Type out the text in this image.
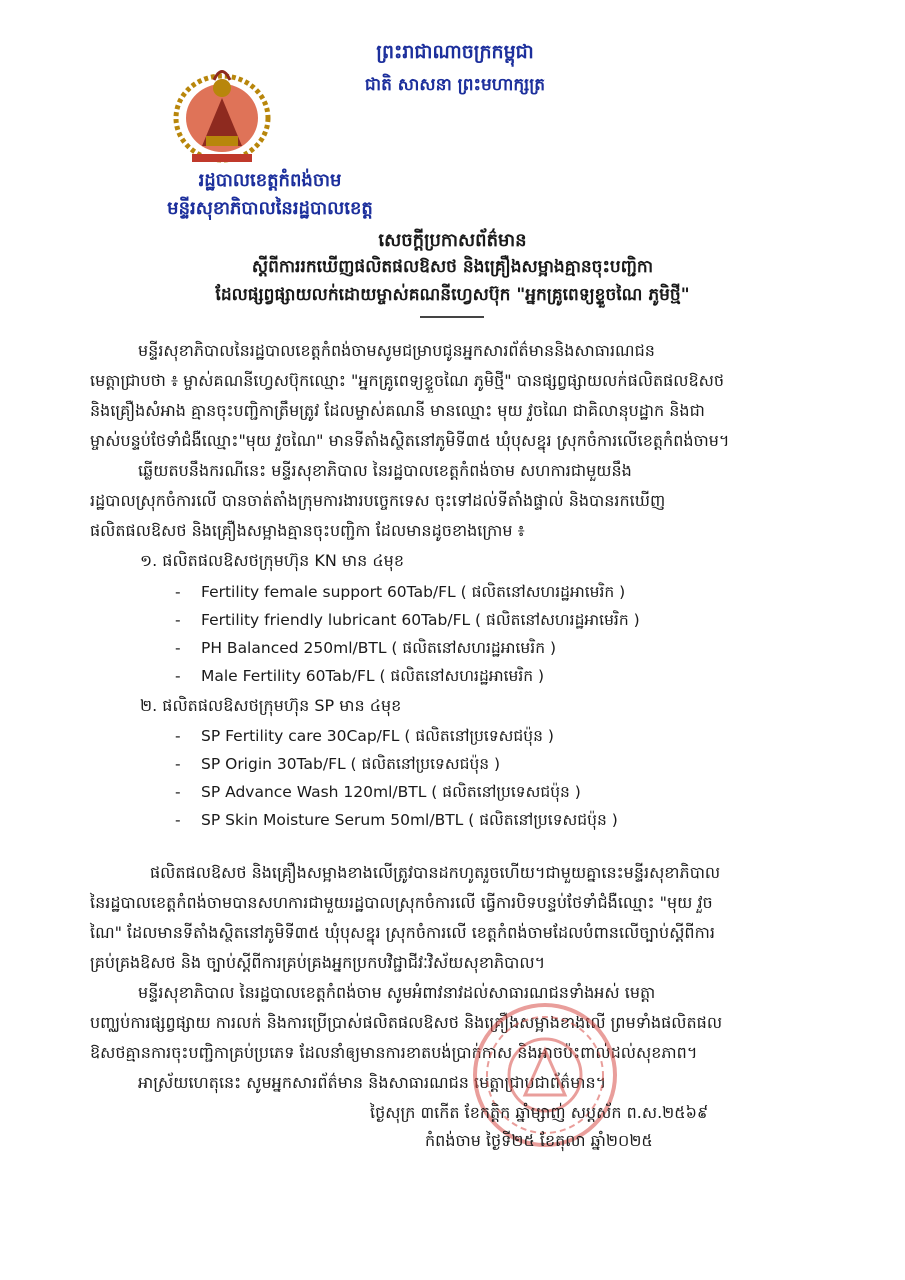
ព្រះរាជាណាចក្រកម្ពុជា
ជាតិ សាសនា ព្រះមហាក្សត្រ
រដ្ឋបាលខេត្តកំពង់ចាម
មន្ទីរសុខាភិបាលនៃរដ្ឋបាលខេត្ត
សេចក្ដីប្រកាសព័ត៌មាន
ស្ដីពីការរកឃើញផលិតផលឱសថ និងគ្រឿងសម្អាងគ្មានចុះបញ្ជិកា
ដែលផ្សព្វផ្សាយលក់ដោយម្ចាស់គណនីហ្វេសប៊ុក "អ្នកគ្រូពេទ្យខ្ទួចណៃ ភូមិថ្មី"
មន្ទីរសុខាភិបាលនៃរដ្ឋបាលខេត្តកំពង់ចាមសូមជម្រាបជូនអ្នកសារព័ត៌មាននិងសាធារណជន
មេត្តាជ្រាបថា ៖ ម្ចាស់គណនីហ្វេសប៊ុកឈ្មោះ "អ្នកគ្រូពេទ្យខ្ទួចណៃ ភូមិថ្មី" បានផ្សព្វផ្សាយលក់ផលិតផលឱសថ
និងគ្រឿងសំអាង គ្មានចុះបញ្ជិកាត្រឹមត្រូវ ដែលម្ចាស់គណនី មានឈ្មោះ មុយ វួចណៃ ជាគិលានុបដ្ឋាក និងជា
ម្ចាស់បន្ទប់ថែទាំជំងឺឈ្មោះ"មុយ វួចណៃ" មានទីតាំងស្ថិតនៅភូមិទី៣៥ ឃុំបុសខ្នុរ ស្រុកចំការលើខេត្តកំពង់ចាម។
ឆ្លើយតបនឹងករណីនេះ មន្ទីរសុខាភិបាល នៃរដ្ឋបាលខេត្តកំពង់ចាម សហការជាមួយនឹង
រដ្ឋបាលស្រុកចំការលើ បានចាត់តាំងក្រុមការងារបច្ចេកទេស ចុះទៅដល់ទីតាំងផ្ទាល់ និងបានរកឃើញ
ផលិតផលឱសថ និងគ្រឿងសម្អាងគ្មានចុះបញ្ជិកា ដែលមានដូចខាងក្រោម ៖
១. ផលិតផលឱសថក្រុមហ៊ុន KN មាន ៤មុខ
- Fertility female support 60Tab/FL ( ផលិតនៅសហរដ្ឋអាមេរិក )
- Fertility friendly lubricant 60Tab/FL ( ផលិតនៅសហរដ្ឋអាមេរិក )
- PH Balanced 250ml/BTL ( ផលិតនៅសហរដ្ឋអាមេរិក )
- Male Fertility 60Tab/FL ( ផលិតនៅសហរដ្ឋអាមេរិក )
២. ផលិតផលឱសថក្រុមហ៊ុន SP មាន ៤មុខ
- SP Fertility care 30Cap/FL ( ផលិតនៅប្រទេសជប៉ុន )
- SP Origin 30Tab/FL ( ផលិតនៅប្រទេសជប៉ុន )
- SP Advance Wash 120ml/BTL ( ផលិតនៅប្រទេសជប៉ុន )
- SP Skin Moisture Serum 50ml/BTL ( ផលិតនៅប្រទេសជប៉ុន )
ផលិតផលឱសថ និងគ្រឿងសម្អាងខាងលើត្រូវបានដកហូតរួចហើយ។ជាមួយគ្នានេះមន្ទីរសុខាភិបាល
នៃរដ្ឋបាលខេត្តកំពង់ចាមបានសហការជាមួយរដ្ឋបាលស្រុកចំការលើ ធ្វើការបិទបន្ទប់ថែទាំជំងឺឈ្មោះ "មុយ វួច
ណៃ" ដែលមានទីតាំងស្ថិតនៅភូមិទី៣៥ ឃុំបុសខ្នុរ ស្រុកចំការលើ ខេត្តកំពង់ចាមដែលបំពានលើច្បាប់ស្ដីពីការ
គ្រប់គ្រងឱសថ និង ច្បាប់ស្ដីពីការគ្រប់គ្រងអ្នកប្រកបវិជ្ជាជីវៈវិស័យសុខាភិបាល។
មន្ទីរសុខាភិបាល នៃរដ្ឋបាលខេត្តកំពង់ចាម សូមអំពាវនាវដល់សាធារណជនទាំងអស់ មេត្តា
បញ្ឈប់ការផ្សព្វផ្សាយ ការលក់ និងការប្រើប្រាស់ផលិតផលឱសថ និងគ្រឿងសម្អាងខាងលើ ព្រមទាំងផលិតផល
ឱសថគ្មានការចុះបញ្ជិកាគ្រប់ប្រភេទ ដែលនាំឲ្យមានការខាតបង់ប្រាក់កាស និងអាចប៉ះពាល់ដល់សុខភាព។
អាស្រ័យហេតុនេះ សូមអ្នកសារព័ត៌មាន និងសាធារណជន មេត្តាជ្រាបជាព័ត៌មាន។
ថ្ងៃសុក្រ ៣កើត ខែកត្តិក ឆ្នាំម្សាញ់ សប្តស័ក ព.ស.២៥៦៩
កំពង់ចាម ថ្ងៃទី២៥ ខែតុលា ឆ្នាំ២០២៥
